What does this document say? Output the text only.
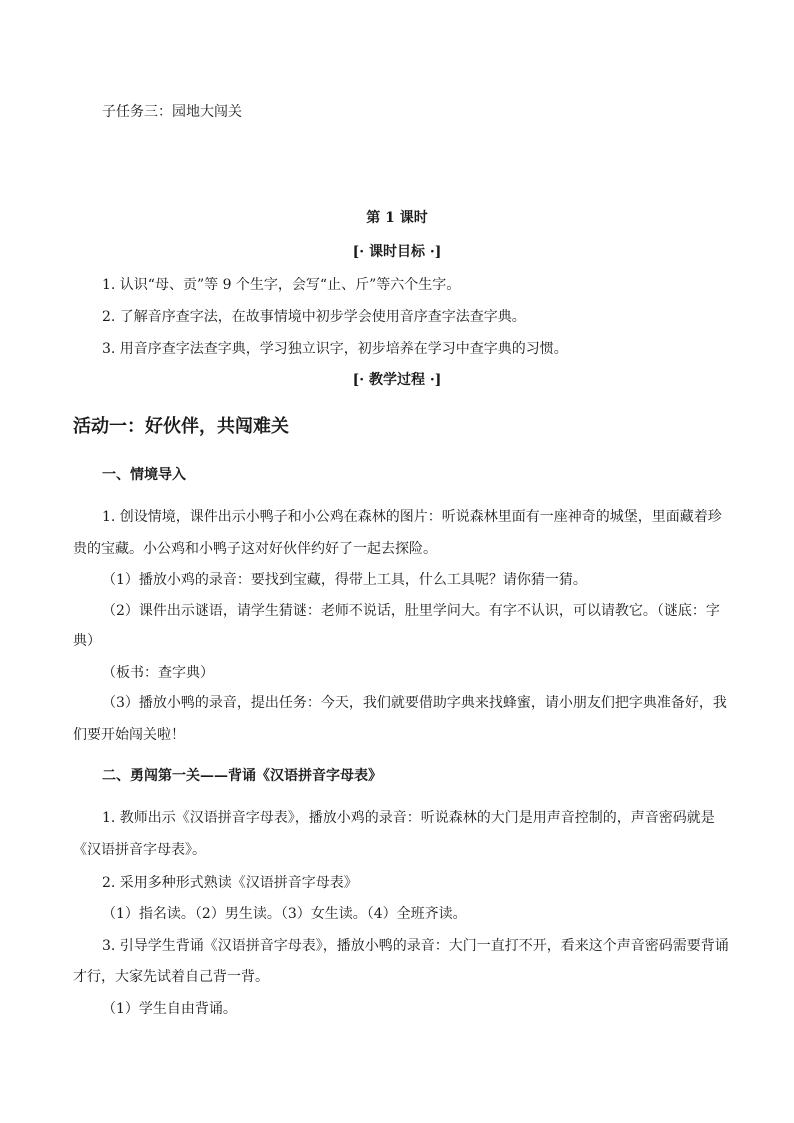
子任务三：园地大闯关
第 1 课时
[· 课时目标 ·]
1. 认识“母、贡”等 9 个生字，会写“止、斤”等六个生字。
2. 了解音序查字法，在故事情境中初步学会使用音序查字法查字典。
3. 用音序查字法查字典，学习独立识字，初步培养在学习中查字典的习惯。
[· 教学过程 ·]
活动一：好伙伴，共闯难关
一、情境导入
1. 创设情境，课件出示小鸭子和小公鸡在森林的图片：听说森林里面有一座神奇的城堡，里面藏着珍
贵的宝藏。小公鸡和小鸭子这对好伙伴约好了一起去探险。
（1）播放小鸡的录音：要找到宝藏，得带上工具，什么工具呢？请你猜一猜。
（2）课件出示谜语，请学生猜谜：老师不说话，肚里学问大。有字不认识，可以请教它。（谜底：字
典）
（板书：查字典）
（3）播放小鸭的录音，提出任务：今天，我们就要借助字典来找蜂蜜，请小朋友们把字典准备好，我
们要开始闯关啦！
二、勇闯第一关——背诵《汉语拼音字母表》
1. 教师出示《汉语拼音字母表》，播放小鸡的录音：听说森林的大门是用声音控制的，声音密码就是
《汉语拼音字母表》。
2. 采用多种形式熟读《汉语拼音字母表》
（1）指名读。（2）男生读。（3）女生读。（4）全班齐读。
3. 引导学生背诵《汉语拼音字母表》，播放小鸭的录音：大门一直打不开，看来这个声音密码需要背诵
才行，大家先试着自己背一背。
（1）学生自由背诵。
